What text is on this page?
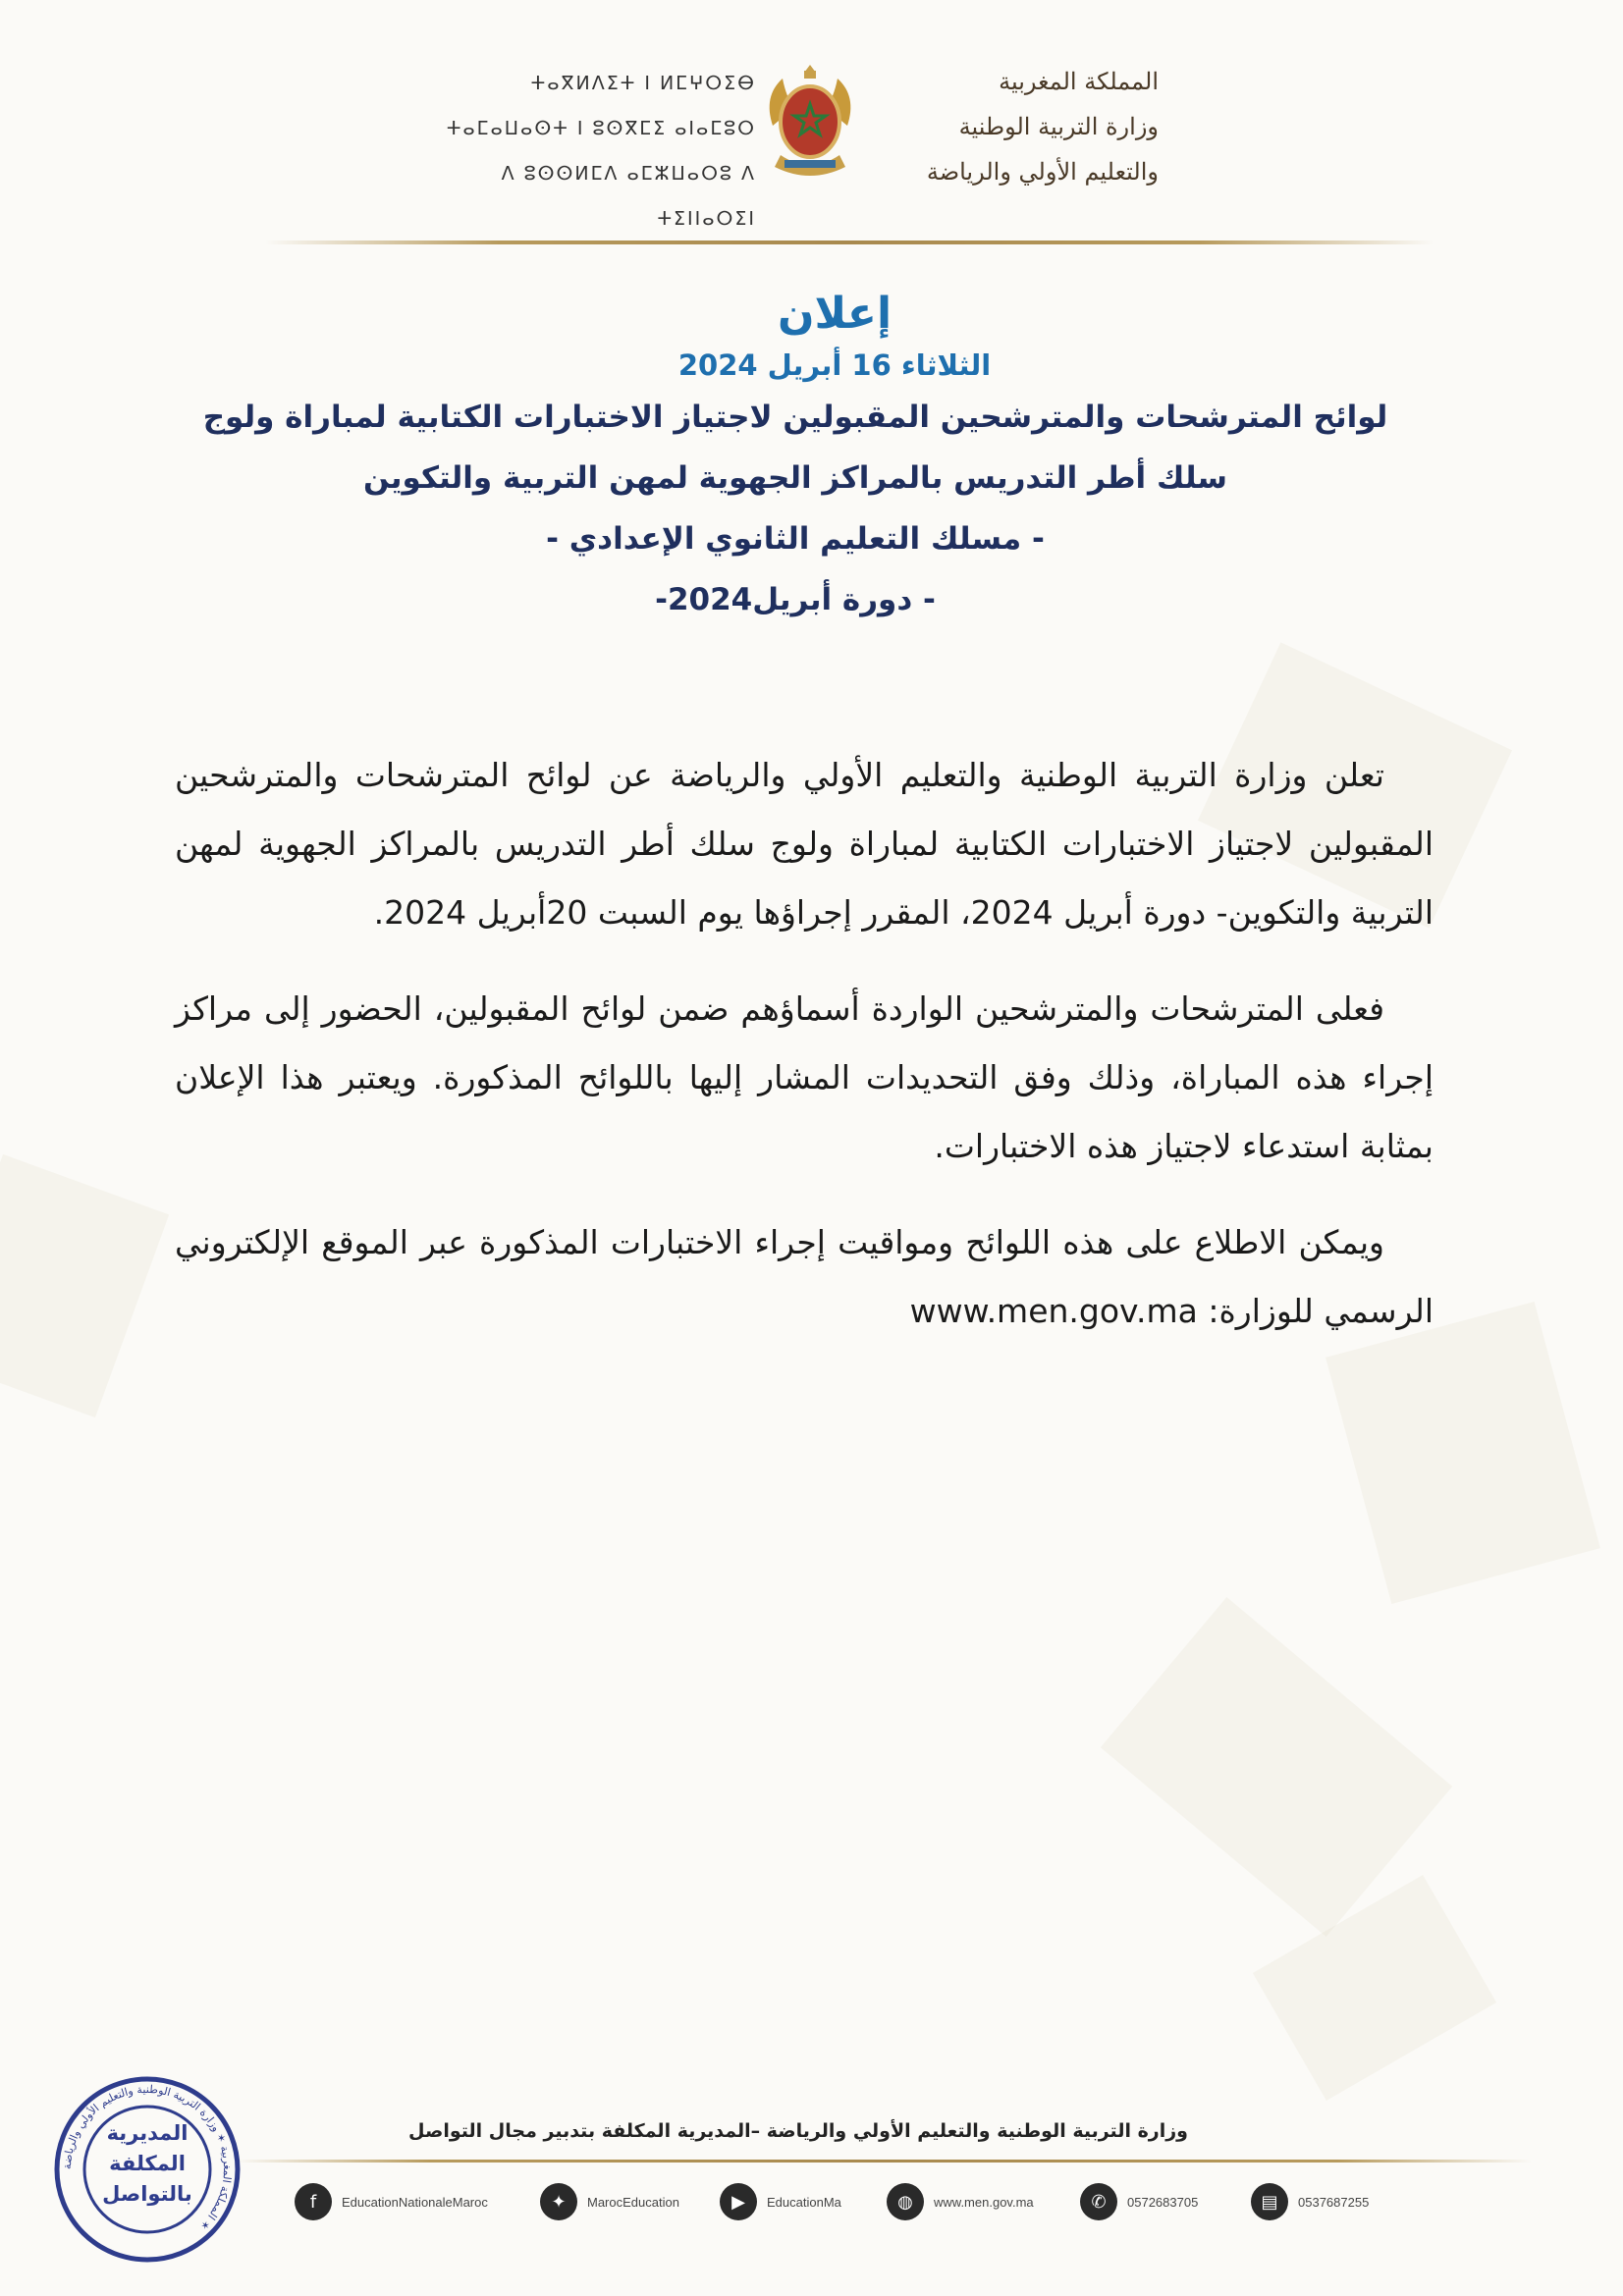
ⵜⴰⴳⵍⴷⵉⵜ ⵏ ⵍⵎⵖⵔⵉⴱ
ⵜⴰⵎⴰⵡⴰⵙⵜ ⵏ ⵓⵙⴳⵎⵉ ⴰⵏⴰⵎⵓⵔ
ⴷ ⵓⵙⵙⵍⵎⴷ ⴰⵎⵣⵡⴰⵔⵓ ⴷ ⵜⵉⵏⵏⴰⵔⵉⵏ
المملكة المغربية
وزارة التربية الوطنية
والتعليم الأولي والرياضة
إعلان
الثلاثاء 16 أبريل 2024
لوائح المترشحات والمترشحين المقبولين لاجتياز الاختبارات الكتابية لمباراة ولوج
سلك أطر التدريس بالمراكز الجهوية لمهن التربية والتكوين
- مسلك التعليم الثانوي الإعدادي -
- دورة أبريل2024-

تعلن وزارة التربية الوطنية والتعليم الأولي والرياضة عن لوائح المترشحات والمترشحين المقبولين لاجتياز الاختبارات الكتابية لمباراة ولوج سلك أطر التدريس بالمراكز الجهوية لمهن التربية والتكوين- دورة أبريل 2024، المقرر إجراؤها يوم السبت 20أبريل 2024.

فعلى المترشحات والمترشحين الواردة أسماؤهم ضمن لوائح المقبولين، الحضور إلى مراكز إجراء هذه المباراة، وذلك وفق التحديدات المشار إليها باللوائح المذكورة. ويعتبر هذا الإعلان بمثابة استدعاء لاجتياز هذه الاختبارات.

ويمكن الاطلاع على هذه اللوائح ومواقيت إجراء الاختبارات المذكورة عبر الموقع الإلكتروني الرسمي للوزارة: www.men.gov.ma

المملكة المغربية ✶ وزارة التربية الوطنية والتعليم الأولي والرياضة ✶
المديرية
المكلفة
بالتواصل
وزارة التربية الوطنية والتعليم الأولي والرياضة –المديرية المكلفة بتدبير مجال التواصل
f	EducationNationaleMaroc	✦	MarocEducation	▶	EducationMa	◍	www.men.gov.ma	✆	0572683705	▤	0537687255
